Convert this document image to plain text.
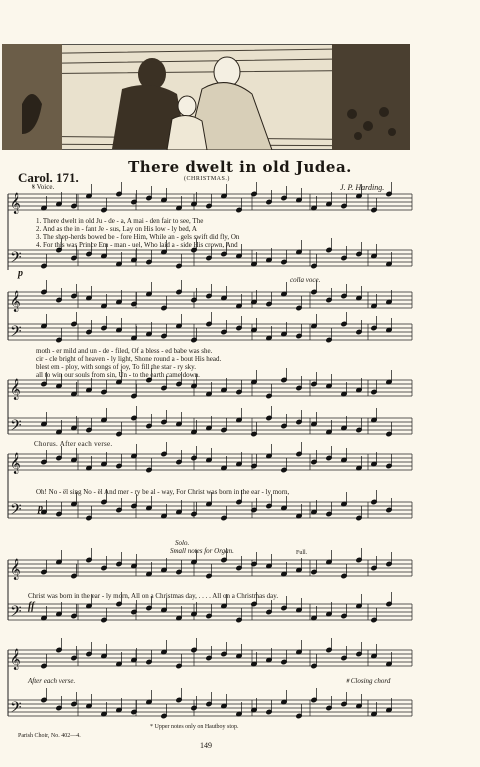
There dwelt in old Judea.
Carol. 171.	(CHRISTMAS.)
𝄋 Voice.	J. P. Harding.
𝄞
𝄢
𝄞
𝄢
𝄞
𝄢
𝄞
𝄢
𝄞
𝄢
𝄞
𝄢
1. There dwelt in old Ju - de - a, A mai - den fair to see, The
2. And as the in - fant Je - sus, Lay on His low - ly bed, A
3. The shep-herds bowed be - fore Him, While an - gels swift did fly, On
4. For this was Prince Em - man - uel, Who laid a - side His crown, And
moth - er mild and un - de - filed, Of a bless - ed babe was she.
cir - cle bright of heaven - ly light, Shone round a - bout His head.
blest em - ploy, with songs of joy, To fill the star - ry sky.
all to win our souls from sin, Un - to the earth came down.
p
colla voce.
Chorus. After each verse.
Oh! No - ël sing No - ël And mer - ry be al - way, For Christ was born in the ear - ly morn,
p
Solo.
Small notes for Organ.	Full.
Christ was born in the ear - ly morn, All on a Christmas day, . . . . All on a Christmas day.
ff
After each verse.	𝄋 Closing chord
* Upper notes only on Hautboy stop.
Parish Choir, No. 402—4.
149
